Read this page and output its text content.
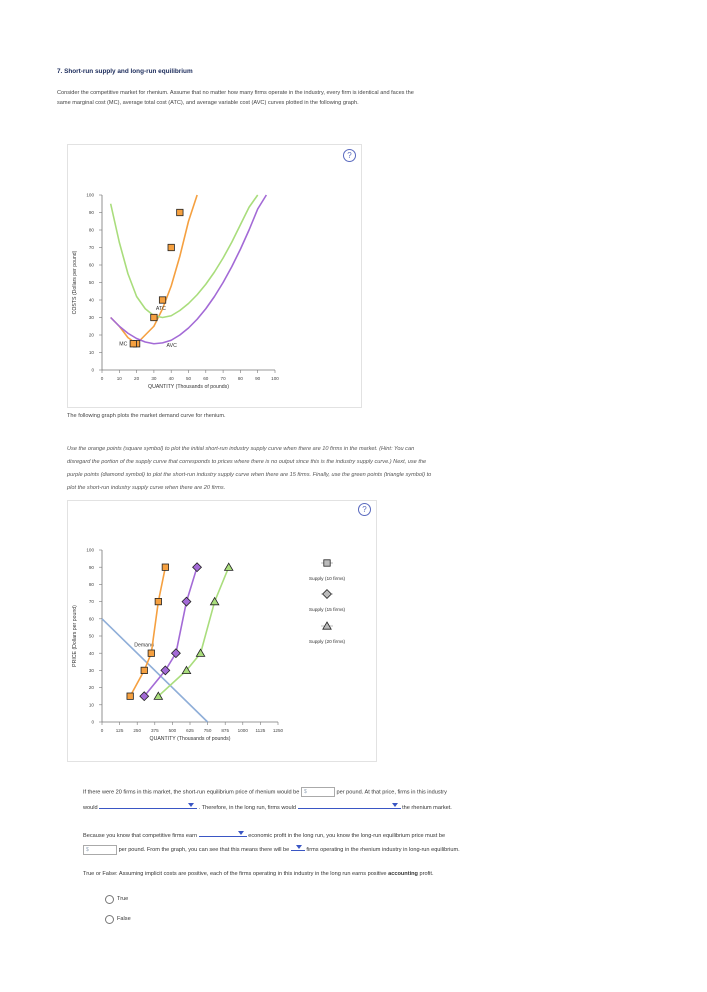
7. Short-run supply and long-run equilibrium
Consider the competitive market for rhenium. Assume that no matter how many firms operate in the industry, every firm is identical and faces the
same marginal cost (MC), average total cost (ATC), and average variable cost (AVC) curves plotted in the following graph.
?
0	10	20	30	40	50	60	70	80	90 100
0
10
20
30
40
50
60
70
80
90
100
QUANTITY (Thousands of pounds)
COSTS (Dollars per pound)	ATC
AVC
MC
The following graph plots the market demand curve for rhenium.
Use the orange points (square symbol) to plot the initial short-run industry supply curve when there are 10 firms in the market. (Hint: You can
disregard the portion of the supply curve that corresponds to prices where there is no output since this is the industry supply curve.) Next, use the
purple points (diamond symbol) to plot the short-run industry supply curve when there are 15 firms. Finally, use the green points (triangle symbol) to
plot the short-run industry supply curve when there are 20 firms.
?
0	125 250 375 500 625 750 875 1000 1125 1250
0
10
20
30
40
50
60
70
80
90
100
QUANTITY (Thousands of pounds)
PRICE (Dollars per pound)	Demand
Supply (10 firms)
Supply (15 firms)
Supply (20 firms)
If there were 20 firms in this market, the short-run equilibrium price of rhenium would be $	per pound. At that price, firms in this industry
would	. Therefore, in the long run, firms would	the rhenium market.
Because you know that competitive firms earn	economic profit in the long run, you know the long-run equilibrium price must be
$	per pound. From the graph, you can see that this means there will be	firms operating in the rhenium industry in long-run equilibrium.
True or False: Assuming implicit costs are positive, each of the firms operating in this industry in the long run earns positive accounting profit.
True
False
